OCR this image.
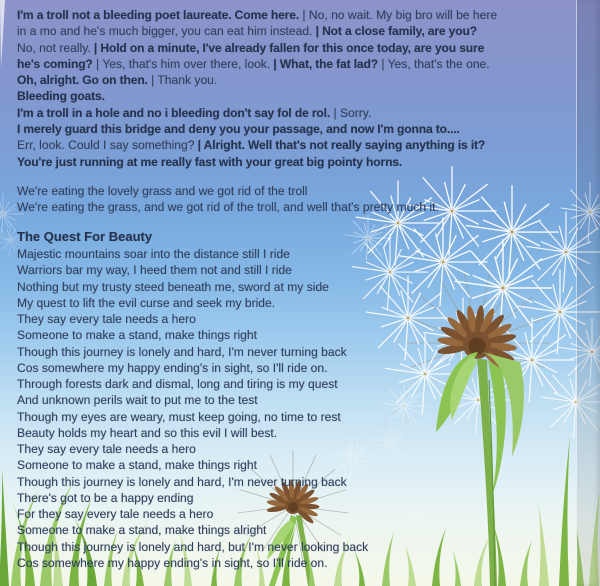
I'm a troll not a bleeding poet laureate. Come here. | No, no wait. My big bro will be here
in a mo and he's much bigger, you can eat him instead. | Not a close family, are you?
No, not really. | Hold on a minute, I've already fallen for this once today, are you sure
he's coming? | Yes, that's him over there, look. | What, the fat lad? | Yes, that's the one.
Oh, alright. Go on then. | Thank you.
Bleeding goats.
I'm a troll in a hole and no i bleeding don't say fol de rol. | Sorry.
I merely guard this bridge and deny you your passage, and now I'm gonna to....
Err, look. Could I say something? | Alright. Well that's not really saying anything is it?
You're just running at me really fast with your great big pointy horns.
We're eating the lovely grass and we got rid of the troll
We're eating the grass, and we got rid of the troll, and well that's pretty much it.
The Quest For Beauty
Majestic mountains soar into the distance still I ride
Warriors bar my way, I heed them not and still I ride
Nothing but my trusty steed beneath me, sword at my side
My quest to lift the evil curse and seek my bride.
They say every tale needs a hero
Someone to make a stand, make things right
Though this journey is lonely and hard, I'm never turning back
Cos somewhere my happy ending's in sight, so I'll ride on.
Through forests dark and dismal, long and tiring is my quest
And unknown perils wait to put me to the test
Though my eyes are weary, must keep going, no time to rest
Beauty holds my heart and so this evil I will best.
They say every tale needs a hero
Someone to make a stand, make things right
Though this journey is lonely and hard, I'm never turning back
There's got to be a happy ending
For they say every tale needs a hero
Someone to make a stand, make things alright
Though this journey is lonely and hard, but I'm never looking back
Cos somewhere my happy ending's in sight, so I'll ride on.
